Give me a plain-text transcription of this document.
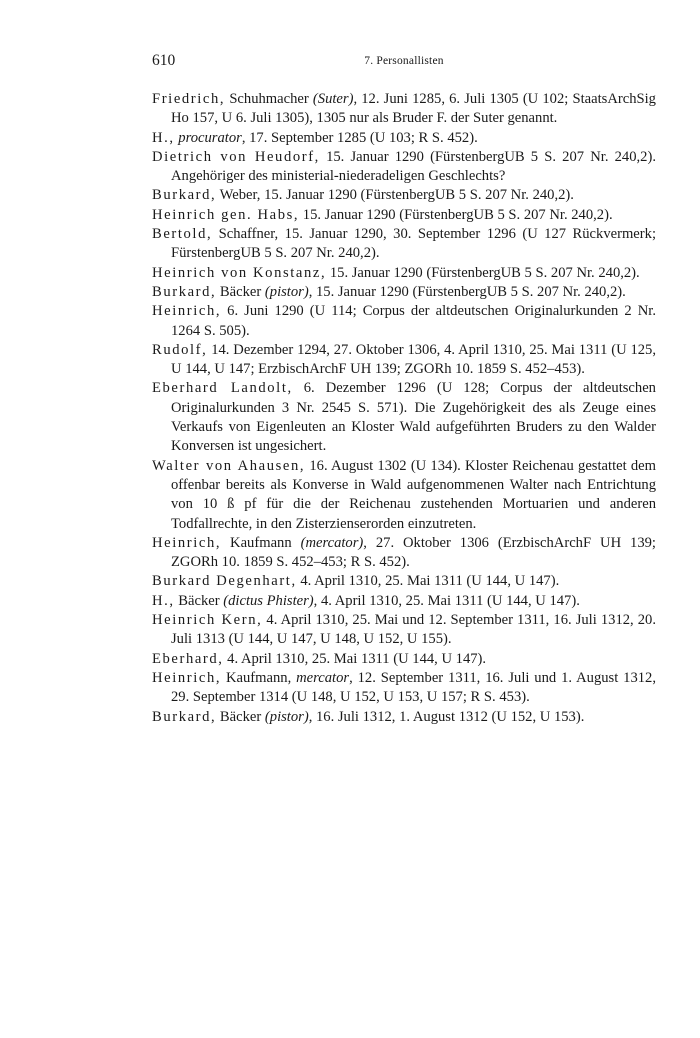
610	7. Personallisten

Friedrich, Schuhmacher (Suter), 12. Juni 1285, 6. Juli 1305 (U 102; StaatsArchSig Ho 157, U 6. Juli 1305), 1305 nur als Bruder F. der Suter genannt.

H., procurator, 17. September 1285 (U 103; R S. 452).

Dietrich von Heudorf, 15. Januar 1290 (FürstenbergUB 5 S. 207 Nr. 240,2). Angehöriger des ministerial-niederadeligen Geschlechts?

Burkard, Weber, 15. Januar 1290 (FürstenbergUB 5 S. 207 Nr. 240,2).

Heinrich gen. Habs, 15. Januar 1290 (FürstenbergUB 5 S. 207 Nr. 240,2).

Bertold, Schaffner, 15. Januar 1290, 30. September 1296 (U 127 Rückvermerk; FürstenbergUB 5 S. 207 Nr. 240,2).

Heinrich von Konstanz, 15. Januar 1290 (FürstenbergUB 5 S. 207 Nr. 240,2).

Burkard, Bäcker (pistor), 15. Januar 1290 (FürstenbergUB 5 S. 207 Nr. 240,2).

Heinrich, 6. Juni 1290 (U 114; Corpus der altdeutschen Originalurkunden 2 Nr. 1264 S. 505).

Rudolf, 14. Dezember 1294, 27. Oktober 1306, 4. April 1310, 25. Mai 1311 (U 125, U 144, U 147; ErzbischArchF UH 139; ZGORh 10. 1859 S. 452–453).

Eberhard Landolt, 6. Dezember 1296 (U 128; Corpus der altdeutschen Originalurkunden 3 Nr. 2545 S. 571). Die Zugehörigkeit des als Zeuge eines Verkaufs von Eigenleuten an Kloster Wald aufgeführten Bruders zu den Walder Konversen ist ungesichert.

Walter von Ahausen, 16. August 1302 (U 134). Kloster Reichenau gestattet dem offenbar bereits als Konverse in Wald aufgenommenen Walter nach Entrichtung von 10 ß pf für die der Reichenau zustehenden Mortuarien und anderen Todfallrechte, in den Zisterzienserorden einzutreten.

Heinrich, Kaufmann (mercator), 27. Oktober 1306 (ErzbischArchF UH 139; ZGORh 10. 1859 S. 452–453; R S. 452).

Burkard Degenhart, 4. April 1310, 25. Mai 1311 (U 144, U 147).

H., Bäcker (dictus Phister), 4. April 1310, 25. Mai 1311 (U 144, U 147).

Heinrich Kern, 4. April 1310, 25. Mai und 12. September 1311, 16. Juli 1312, 20. Juli 1313 (U 144, U 147, U 148, U 152, U 155).

Eberhard, 4. April 1310, 25. Mai 1311 (U 144, U 147).

Heinrich, Kaufmann, mercator, 12. September 1311, 16. Juli und 1. August 1312, 29. September 1314 (U 148, U 152, U 153, U 157; R S. 453).

Burkard, Bäcker (pistor), 16. Juli 1312, 1. August 1312 (U 152, U 153).
